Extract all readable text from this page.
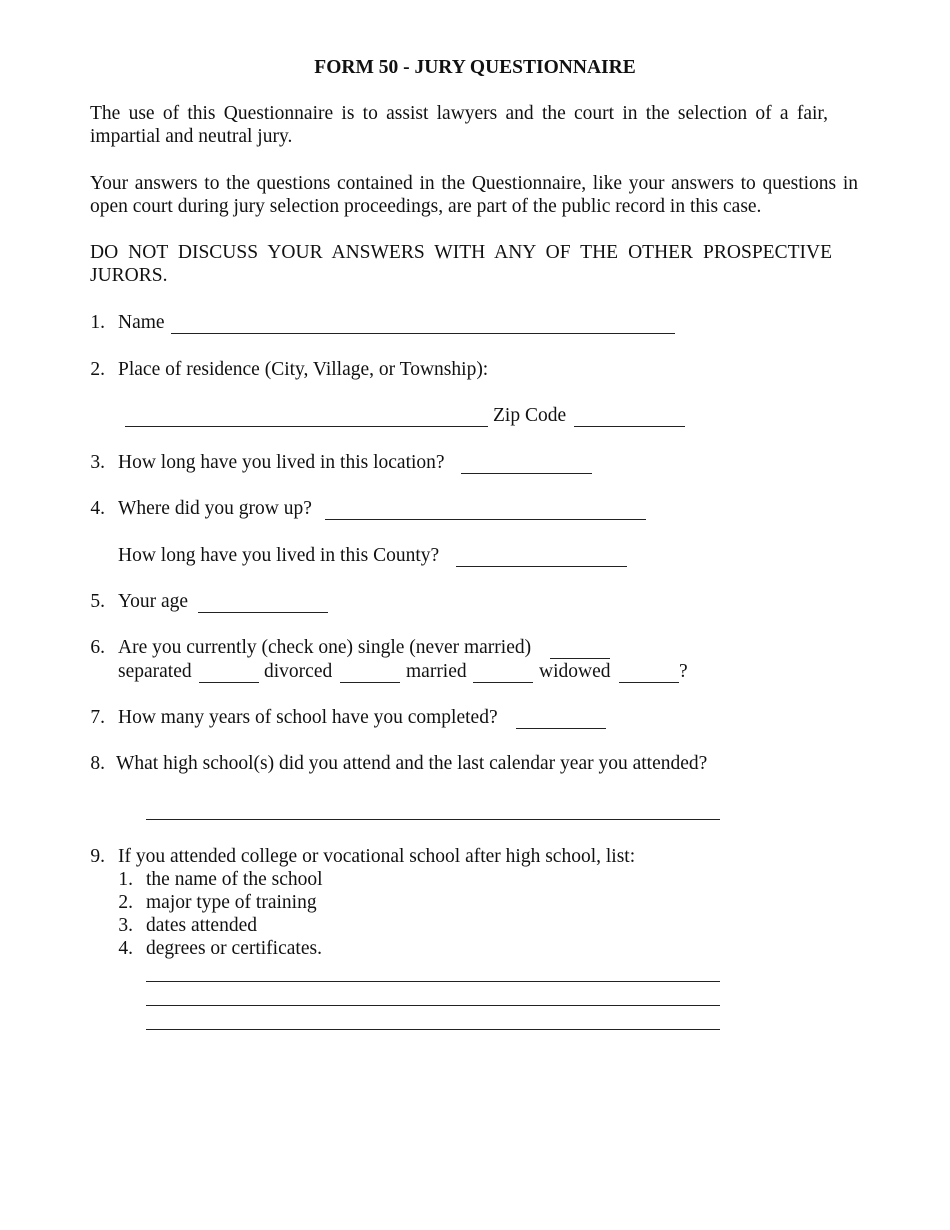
FORM 50 - JURY QUESTIONNAIRE
The use of this Questionnaire is to assist lawyers and the court in the selection of a fair,
impartial and neutral jury.
Your answers to the questions contained in the Questionnaire, like your answers to questions in
open court during jury selection proceedings, are part of the public record in this case.
DO NOT DISCUSS YOUR ANSWERS WITH ANY OF THE OTHER PROSPECTIVE
JURORS.
1. Name
2. Place of residence (City, Village, or Township):
Zip Code
3. How long have you lived in this location?
4. Where did you grow up?
How long have you lived in this County?
5. Your age
6. Are you currently (check one) single (never married)
separated	divorced	married	widowed	?
7. How many years of school have you completed?
8. What high school(s) did you attend and the last calendar year you attended?
9. If you attended college or vocational school after high school, list:
1. the name of the school
2. major type of training
3. dates attended
4. degrees or certificates.
